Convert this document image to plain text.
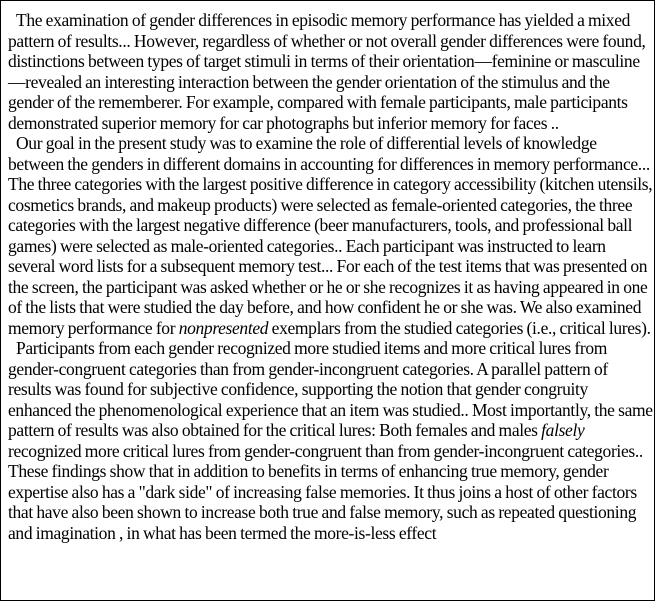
The examination of gender differences in episodic memory performance has yielded a mixed pattern of results... However, regardless of whether or not overall gender differences were found, distinctions between types of target stimuli in terms of their orientation—feminine or masculine—revealed an interesting interaction between the gender orientation of the stimulus and the gender of the rememberer. For example, compared with female participants, male participants demonstrated superior memory for car photographs but inferior memory for faces ..

Our goal in the present study was to examine the role of differential levels of knowledge between the genders in different domains in accounting for differences in memory performance... The three categories with the largest positive difference in category accessibility (kitchen utensils, cosmetics brands, and makeup products) were selected as female-oriented categories, the three categories with the largest negative difference (beer manufacturers, tools, and professional ball games) were selected as male-oriented categories.. Each participant was instructed to learn several word lists for a subsequent memory test... For each of the test items that was presented on the screen, the participant was asked whether or he or she recognizes it as having appeared in one of the lists that were studied the day before, and how confident he or she was. We also examined memory performance for nonpresented exemplars from the studied categories (i.e., critical lures).

Participants from each gender recognized more studied items and more critical lures from gender-congruent categories than from gender-incongruent categories. A parallel pattern of results was found for subjective confidence, supporting the notion that gender congruity enhanced the phenomenological experience that an item was studied.. Most importantly, the same pattern of results was also obtained for the critical lures: Both females and males falsely recognized more critical lures from gender-congruent than from gender-incongruent categories.. These findings show that in addition to benefits in terms of enhancing true memory, gender expertise also has a "dark side" of increasing false memories. It thus joins a host of other factors that have also been shown to increase both true and false memory, such as repeated questioning and imagination , in what has been termed the more-is-less effect
